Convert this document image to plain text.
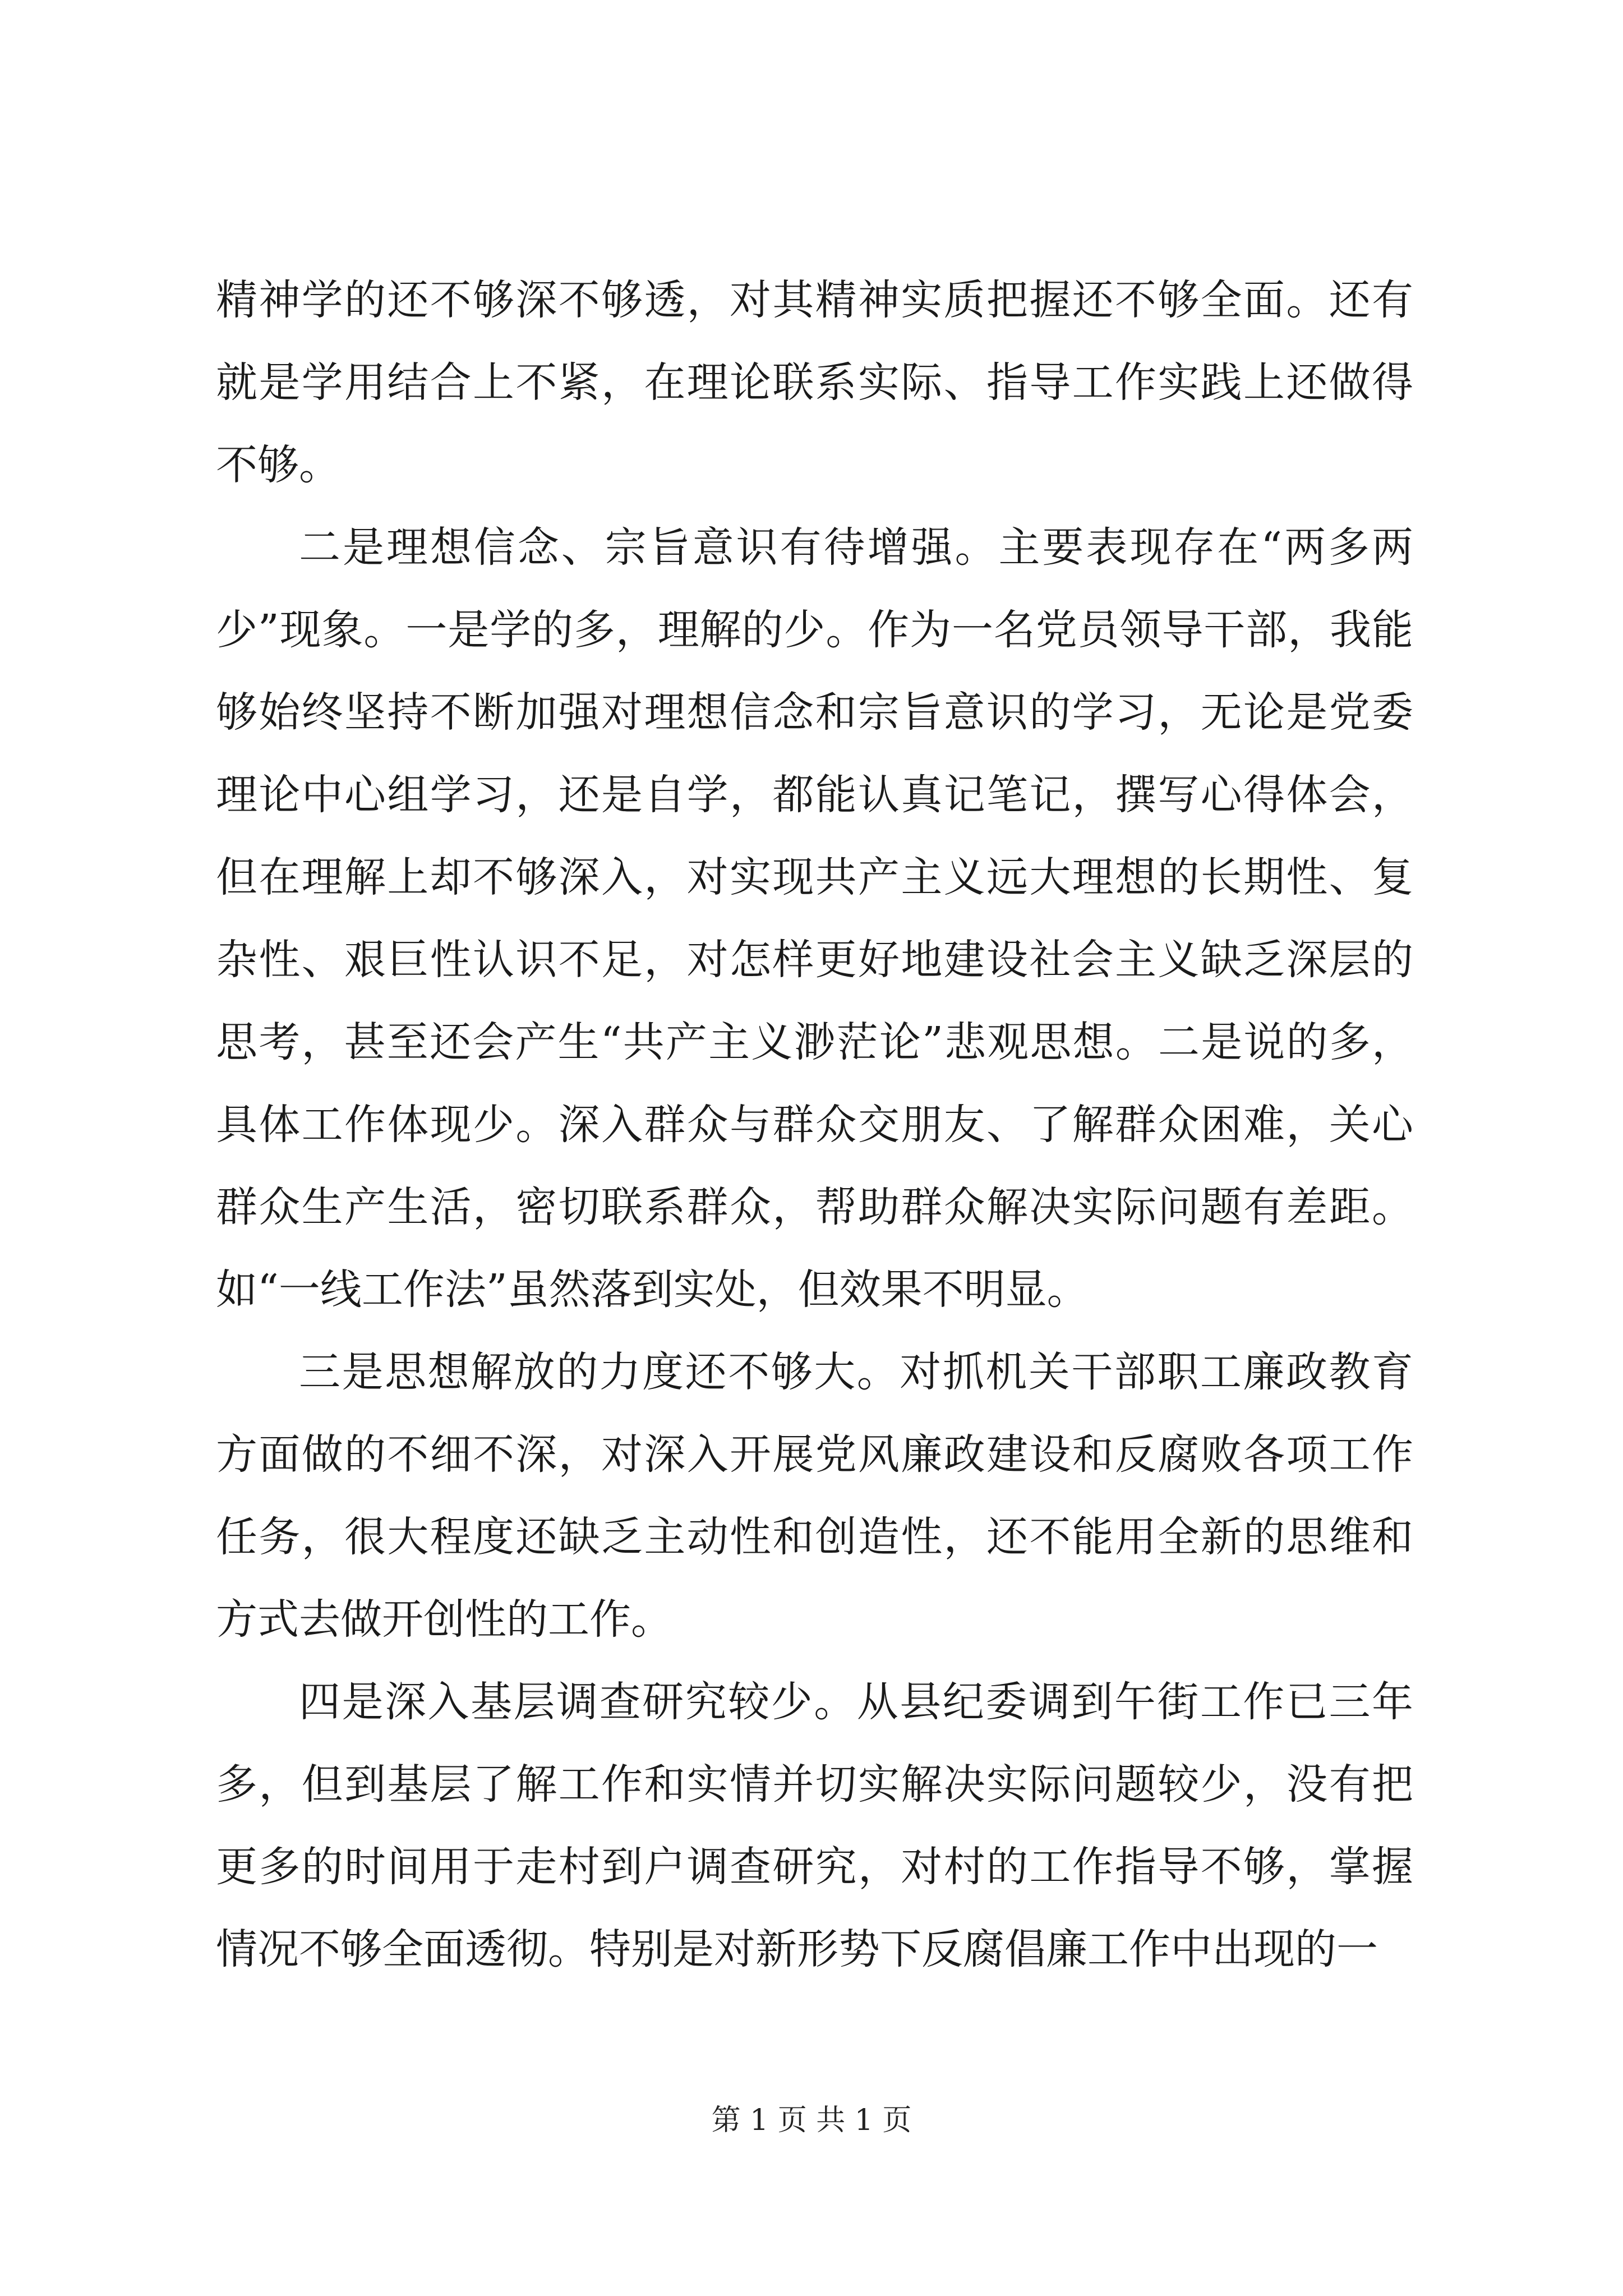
精神学的还不够深不够透，对其精神实质把握还不够全面。还有就是学用结合上不紧，在理论联系实际、指导工作实践上还做得不够。

二是理想信念、宗旨意识有待增强。主要表现存在“两多两少”现象。一是学的多，理解的少。作为一名党员领导干部，我能够始终坚持不断加强对理想信念和宗旨意识的学习，无论是党委理论中心组学习，还是自学，都能认真记笔记，撰写心得体会，但在理解上却不够深入，对实现共产主义远大理想的长期性、复杂性、艰巨性认识不足，对怎样更好地建设社会主义缺乏深层的思考，甚至还会产生“共产主义渺茫论”悲观思想。二是说的多，具体工作体现少。深入群众与群众交朋友、了解群众困难，关心群众生产生活，密切联系群众，帮助群众解决实际问题有差距。如“一线工作法”虽然落到实处，但效果不明显。

三是思想解放的力度还不够大。对抓机关干部职工廉政教育方面做的不细不深，对深入开展党风廉政建设和反腐败各项工作任务，很大程度还缺乏主动性和创造性，还不能用全新的思维和方式去做开创性的工作。

四是深入基层调查研究较少。从县纪委调到午街工作已三年多，但到基层了解工作和实情并切实解决实际问题较少，没有把更多的时间用于走村到户调查研究，对村的工作指导不够，掌握情况不够全面透彻。特别是对新形势下反腐倡廉工作中出现的一

第 1 页 共 1 页
